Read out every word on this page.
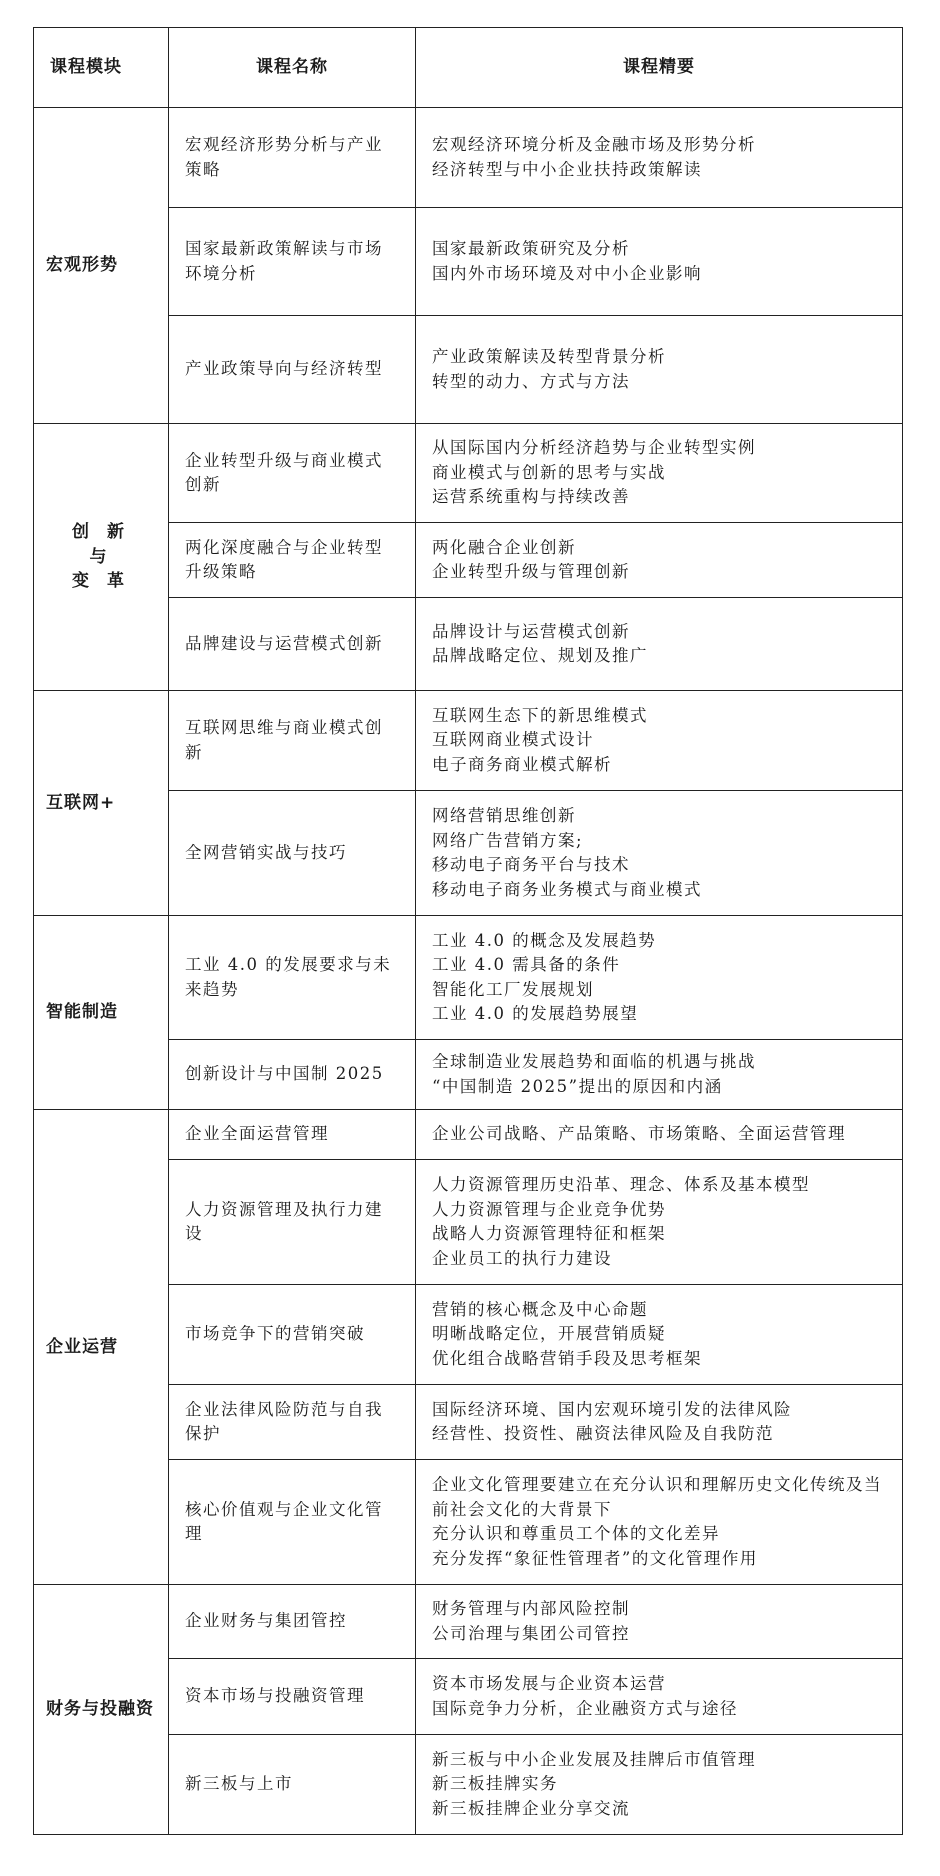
课程模块	课程名称	课程精要

宏观形势	宏观经济形势分析与产业策略	宏观经济环境分析及金融市场及形势分析
经济转型与中小企业扶持政策解读

	国家最新政策解读与市场环境分析	国家最新政策研究及分析
国内外市场环境及对中小企业影响

	产业政策导向与经济转型	产业政策解读及转型背景分析
转型的动力、方式与方法

创 新
与
变 革	企业转型升级与商业模式创新	从国际国内分析经济趋势与企业转型实例
商业模式与创新的思考与实战
运营系统重构与持续改善

	两化深度融合与企业转型升级策略	两化融合企业创新
企业转型升级与管理创新

	品牌建设与运营模式创新	品牌设计与运营模式创新
品牌战略定位、规划及推广

互联网+	互联网思维与商业模式创新	互联网生态下的新思维模式
互联网商业模式设计
电子商务商业模式解析

	全网营销实战与技巧	网络营销思维创新
网络广告营销方案;
移动电子商务平台与技术
移动电子商务业务模式与商业模式

智能制造	工业 4.0 的发展要求与未来趋势	工业 4.0 的概念及发展趋势
工业 4.0 需具备的条件
智能化工厂发展规划
工业 4.0 的发展趋势展望

	创新设计与中国制 2025	全球制造业发展趋势和面临的机遇与挑战
“中国制造 2025”提出的原因和内涵

企业运营	企业全面运营管理	企业公司战略、产品策略、市场策略、全面运营管理

	人力资源管理及执行力建设	人力资源管理历史沿革、理念、体系及基本模型
人力资源管理与企业竞争优势
战略人力资源管理特征和框架
企业员工的执行力建设

	市场竞争下的营销突破	营销的核心概念及中心命题
明晰战略定位，开展营销质疑
优化组合战略营销手段及思考框架

	企业法律风险防范与自我保护	国际经济环境、国内宏观环境引发的法律风险
经营性、投资性、融资法律风险及自我防范

	核心价值观与企业文化管理	企业文化管理要建立在充分认识和理解历史文化传统及当前社会文化的大背景下
充分认识和尊重员工个体的文化差异
充分发挥“象征性管理者”的文化管理作用

财务与投融资	企业财务与集团管控	财务管理与内部风险控制
公司治理与集团公司管控

	资本市场与投融资管理	资本市场发展与企业资本运营
国际竞争力分析，企业融资方式与途径

	新三板与上市	新三板与中小企业发展及挂牌后市值管理
新三板挂牌实务
新三板挂牌企业分享交流
